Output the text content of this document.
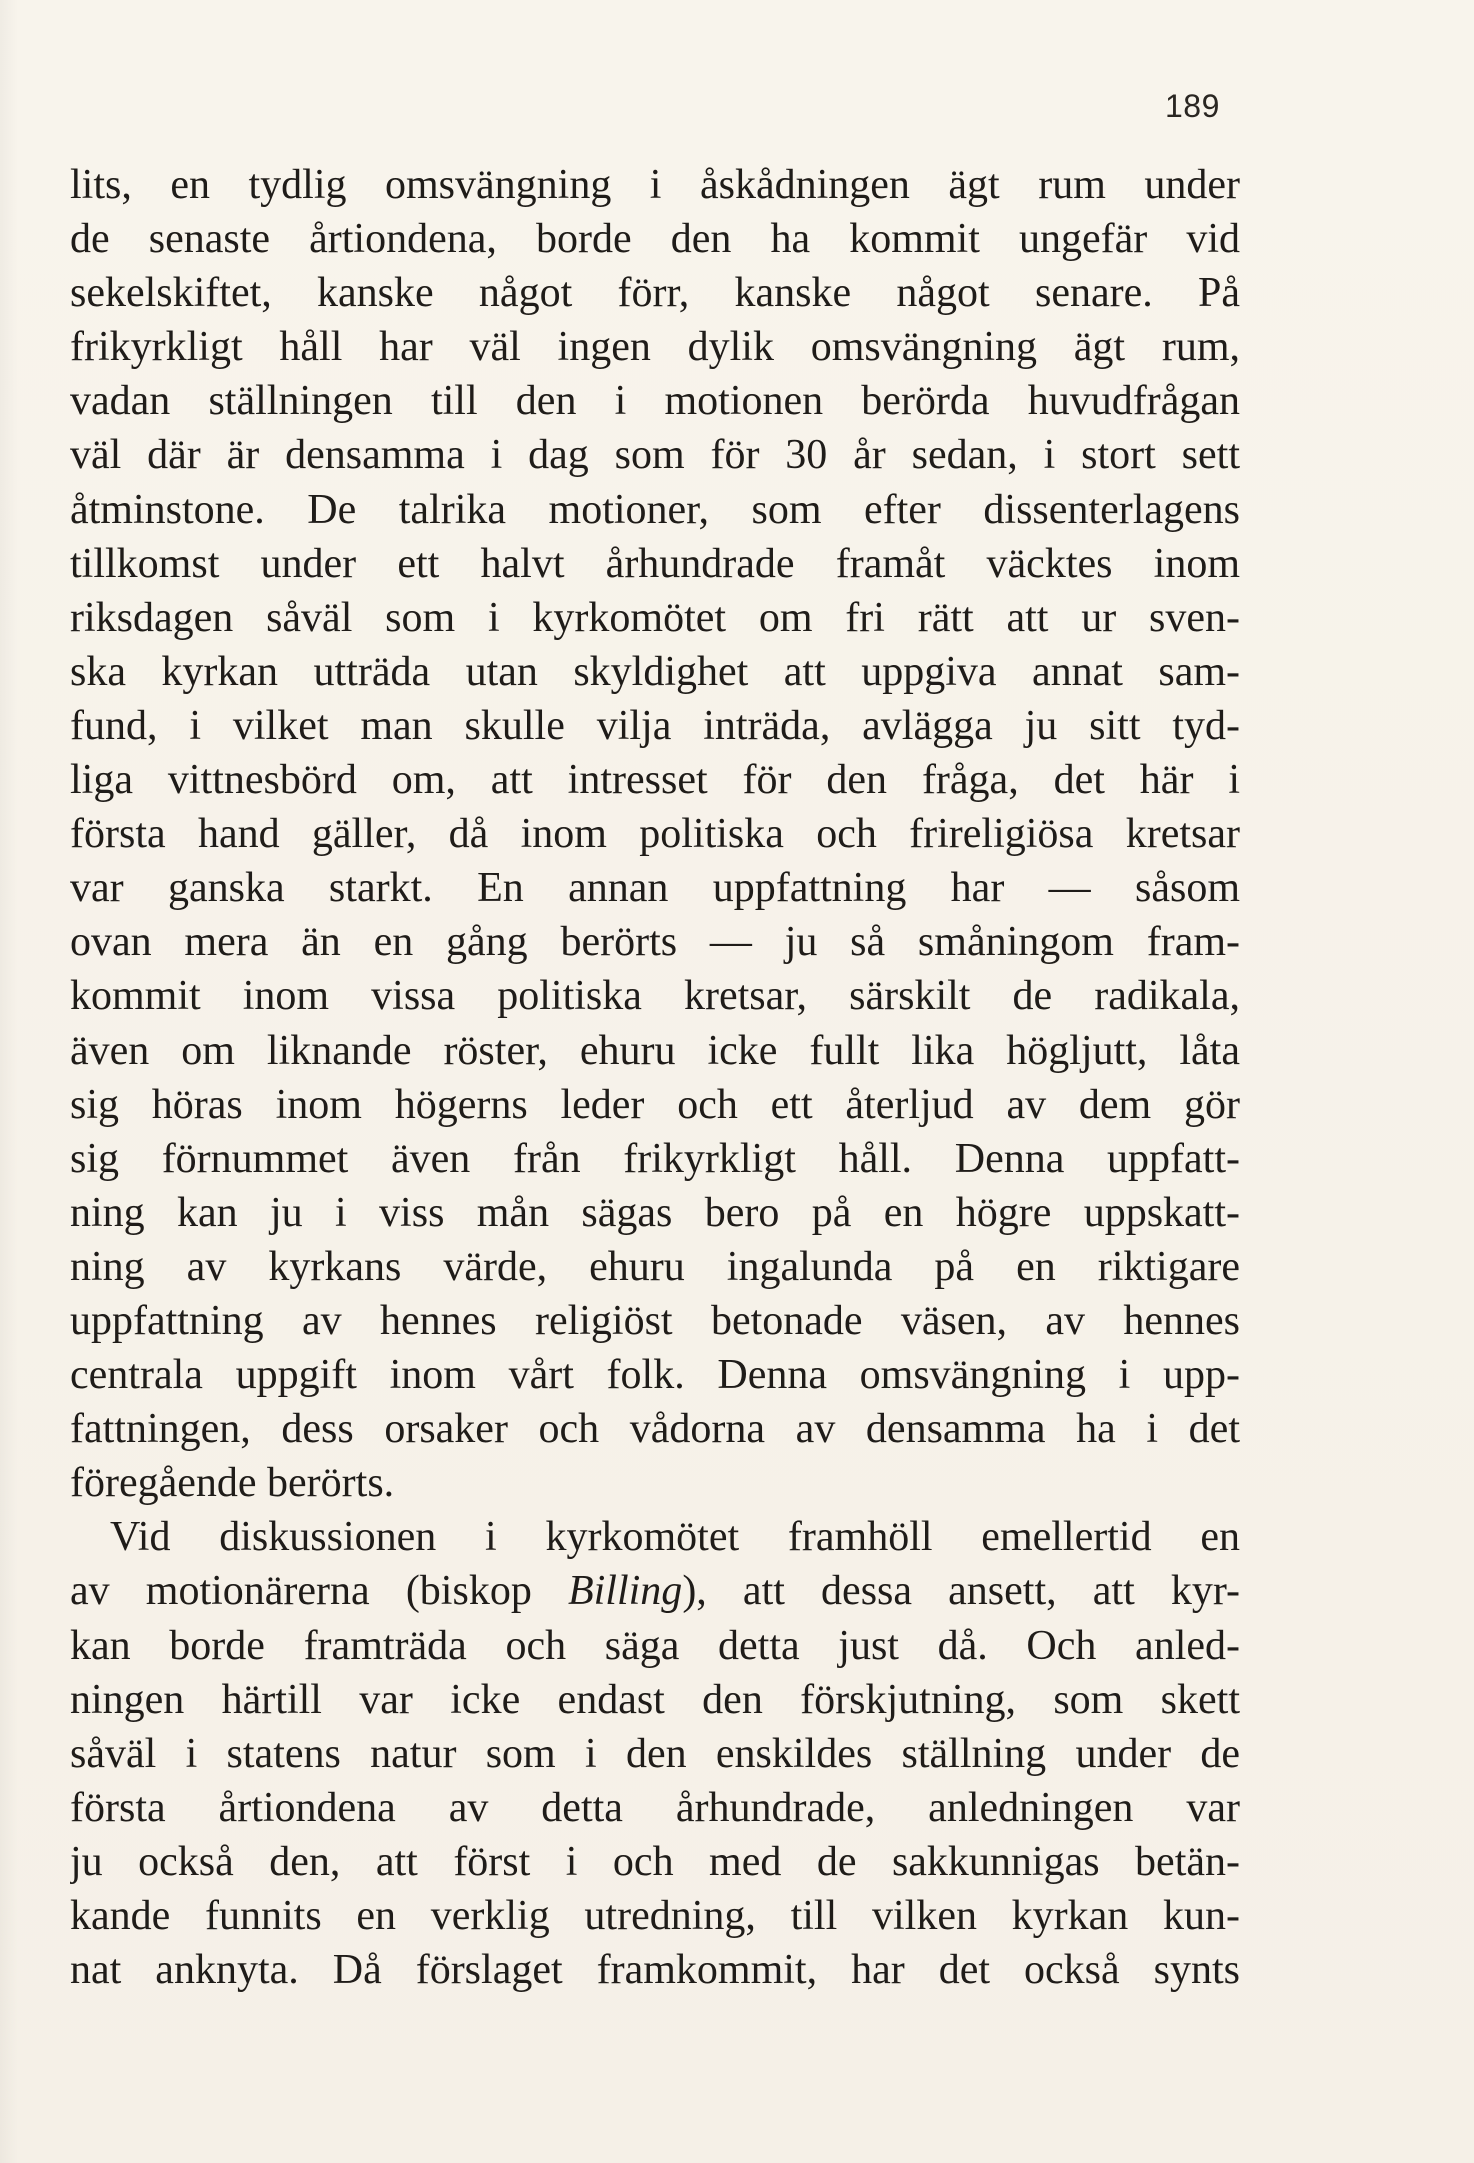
189
lits, en tydlig omsvängning i åskådningen ägt rum under
de senaste årtiondena, borde den ha kommit ungefär vid
sekelskiftet, kanske något förr, kanske något senare. På
frikyrkligt håll har väl ingen dylik omsvängning ägt rum,
vadan ställningen till den i motionen berörda huvudfrågan
väl där är densamma i dag som för 30 år sedan, i stort sett
åtminstone. De talrika motioner, som efter dissenterlagens
tillkomst under ett halvt århundrade framåt väcktes inom
riksdagen såväl som i kyrkomötet om fri rätt att ur sven-
ska kyrkan utträda utan skyldighet att uppgiva annat sam-
fund, i vilket man skulle vilja inträda, avlägga ju sitt tyd-
liga vittnesbörd om, att intresset för den fråga, det här i
första hand gäller, då inom politiska och frireligiösa kretsar
var ganska starkt. En annan uppfattning har — såsom
ovan mera än en gång berörts — ju så småningom fram-
kommit inom vissa politiska kretsar, särskilt de radikala,
även om liknande röster, ehuru icke fullt lika högljutt, låta
sig höras inom högerns leder och ett återljud av dem gör
sig förnummet även från frikyrkligt håll. Denna uppfatt-
ning kan ju i viss mån sägas bero på en högre uppskatt-
ning av kyrkans värde, ehuru ingalunda på en riktigare
uppfattning av hennes religiöst betonade väsen, av hennes
centrala uppgift inom vårt folk. Denna omsvängning i upp-
fattningen, dess orsaker och vådorna av densamma ha i det
föregående berörts.
Vid diskussionen i kyrkomötet framhöll emellertid en
av motionärerna (biskop Billing), att dessa ansett, att kyr-
kan borde framträda och säga detta just då. Och anled-
ningen härtill var icke endast den förskjutning, som skett
såväl i statens natur som i den enskildes ställning under de
första årtiondena av detta århundrade, anledningen var
ju också den, att först i och med de sakkunnigas betän-
kande funnits en verklig utredning, till vilken kyrkan kun-
nat anknyta. Då förslaget framkommit, har det också synts
